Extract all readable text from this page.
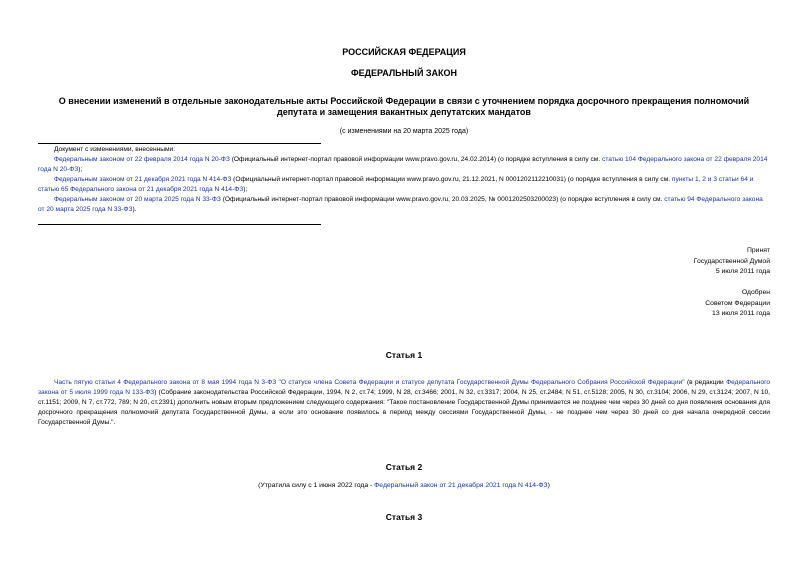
РОССИЙСКАЯ ФЕДЕРАЦИЯ
ФЕДЕРАЛЬНЫЙ ЗАКОН
О внесении изменений в отдельные законодательные акты Российской Федерации в связи с уточнением порядка досрочного прекращения полномочий депутата и замещения вакантных депутатских мандатов
(с изменениями на 20 марта 2025 года)

Документ с изменениями, внесенными:

Федеральным законом от 22 февраля 2014 года N 20-ФЗ (Официальный интернет-портал правовой информации www.pravo.gov.ru, 24.02.2014) (о порядке вступления в силу см. статью 104 Федерального закона от 22 февраля 2014 года N 20-ФЗ);

Федеральным законом от 21 декабря 2021 года N 414-ФЗ (Официальный интернет-портал правовой информации www.pravo.gov.ru, 21.12.2021, N 0001202112210031) (о порядке вступления в силу см. пункты 1, 2 и 3 статьи 64 и статью 65 Федерального закона от 21 декабря 2021 года N 414-ФЗ);

Федеральным законом от 20 марта 2025 года N 33-ФЗ (Официальный интернет-портал правовой информации www.pravo.gov.ru, 20.03.2025, № 0001202503200023) (о порядке вступления в силу см. статью 94 Федерального закона от 20 марта 2025 года N 33-ФЗ).

Принят
Государственной Думой
5 июля 2011 года
Одобрен
Советом Федерации
13 июля 2011 года
Статья 1

Часть пятую статьи 4 Федерального закона от 8 мая 1994 года N 3-ФЗ "О статусе члена Совета Федерации и статусе депутата Государственной Думы Федерального Собрания Российской Федерации" (в редакции Федерального закона от 5 июля 1999 года N 133-ФЗ) (Собрание законодательства Российской Федерации, 1994, N 2, ст.74; 1999, N 28, ст.3466; 2001, N 32, ст.3317; 2004, N 25, ст.2484; N 51, ст.5128; 2005, N 30, ст.3104; 2006, N 29, ст.3124; 2007, N 10, ст.1151; 2009, N 7, ст.772, 789; N 20, ст.2391) дополнить новым вторым предложением следующего содержания: "Такое постановление Государственной Думы принимается не позднее чем через 30 дней со дня появления основания для досрочного прекращения полномочий депутата Государственной Думы, а если это основание появилось в период между сессиями Государственной Думы, - не позднее чем через 30 дней со дня начала очередной сессии Государственной Думы.".

Статья 2
(Утратила силу с 1 июня 2022 года - Федеральный закон от 21 декабря 2021 года N 414-ФЗ)
Статья 3
